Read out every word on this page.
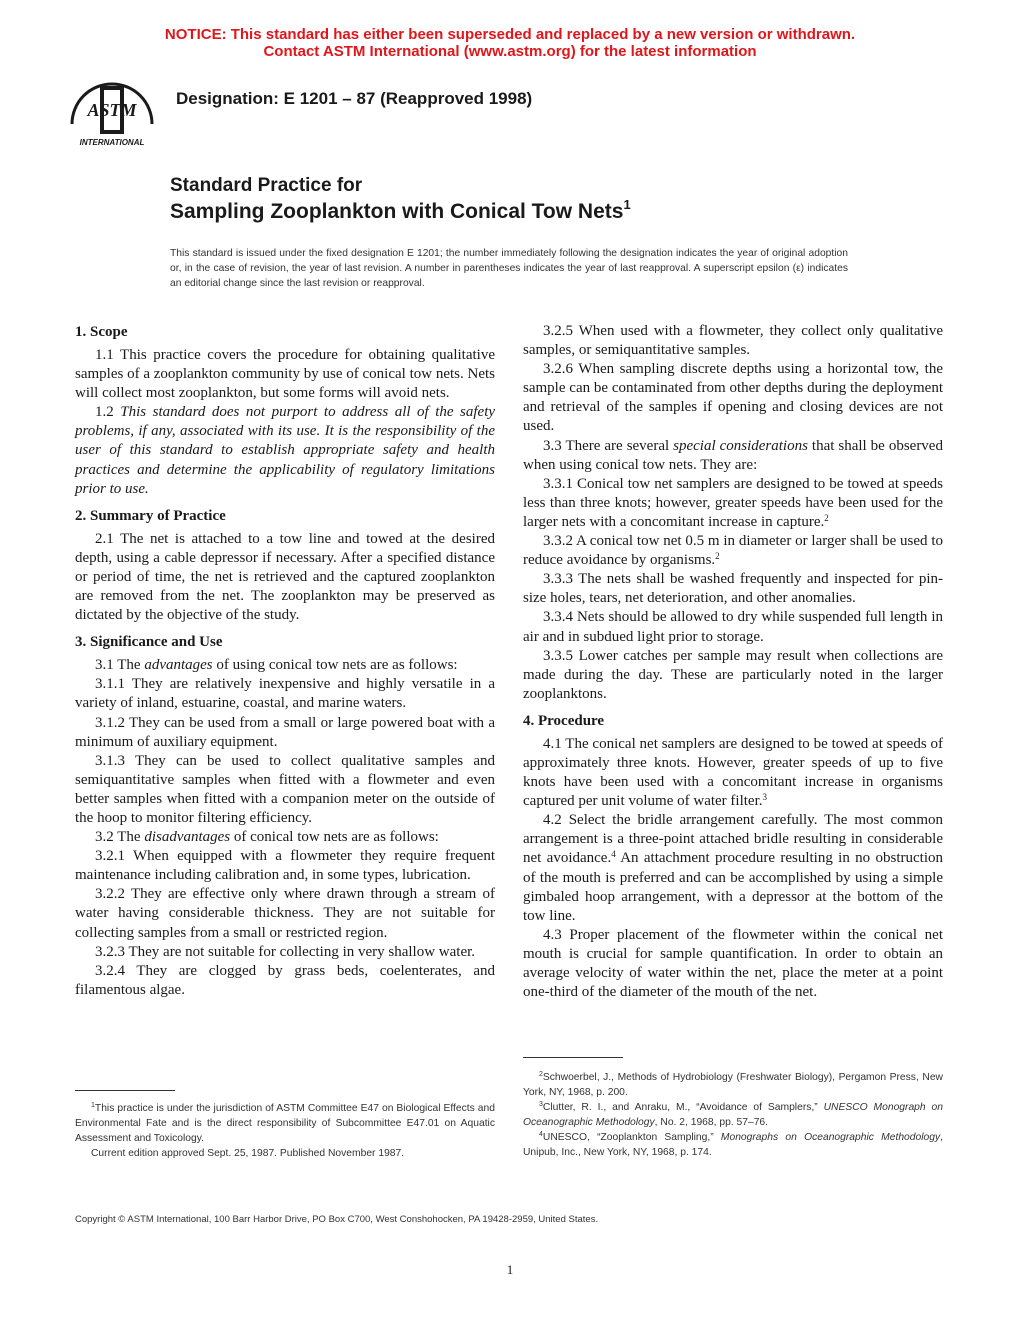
NOTICE: This standard has either been superseded and replaced by a new version or withdrawn.
Contact ASTM International (www.astm.org) for the latest information
ASTM
INTERNATIONAL
Designation: E 1201 – 87 (Reapproved 1998)
Standard Practice for
Sampling Zooplankton with Conical Tow Nets$^1$
This standard is issued under the fixed designation E 1201; the number immediately following the designation indicates the year of original adoption or, in the case of revision, the year of last revision. A number in parentheses indicates the year of last reapproval. A superscript epsilon (ε) indicates an editorial change since the last revision or reapproval.
1. Scope

1.1 This practice covers the procedure for obtaining qualitative samples of a zooplankton community by use of conical tow nets. Nets will collect most zooplankton, but some forms will avoid nets.

1.2 This standard does not purport to address all of the safety problems, if any, associated with its use. It is the responsibility of the user of this standard to establish appropriate safety and health practices and determine the applicability of regulatory limitations prior to use.

2. Summary of Practice

2.1 The net is attached to a tow line and towed at the desired depth, using a cable depressor if necessary. After a specified distance or period of time, the net is retrieved and the captured zooplankton are removed from the net. The zooplankton may be preserved as dictated by the objective of the study.

3. Significance and Use

3.1 The advantages of using conical tow nets are as follows:

3.1.1 They are relatively inexpensive and highly versatile in a variety of inland, estuarine, coastal, and marine waters.

3.1.2 They can be used from a small or large powered boat with a minimum of auxiliary equipment.

3.1.3 They can be used to collect qualitative samples and semiquantitative samples when fitted with a flowmeter and even better samples when fitted with a companion meter on the outside of the hoop to monitor filtering efficiency.

3.2 The disadvantages of conical tow nets are as follows:

3.2.1 When equipped with a flowmeter they require frequent maintenance including calibration and, in some types, lubrication.

3.2.2 They are effective only where drawn through a stream of water having considerable thickness. They are not suitable for collecting samples from a small or restricted region.

3.2.3 They are not suitable for collecting in very shallow water.

3.2.4 They are clogged by grass beds, coelenterates, and filamentous algae.

3.2.5 When used with a flowmeter, they collect only qualitative samples, or semiquantitative samples.

3.2.6 When sampling discrete depths using a horizontal tow, the sample can be contaminated from other depths during the deployment and retrieval of the samples if opening and closing devices are not used.

3.3 There are several special considerations that shall be observed when using conical tow nets. They are:

3.3.1 Conical tow net samplers are designed to be towed at speeds less than three knots; however, greater speeds have been used for the larger nets with a concomitant increase in capture.$^2$

3.3.2 A conical tow net 0.5 m in diameter or larger shall be used to reduce avoidance by organisms.$^2$

3.3.3 The nets shall be washed frequently and inspected for pin-size holes, tears, net deterioration, and other anomalies.

3.3.4 Nets should be allowed to dry while suspended full length in air and in subdued light prior to storage.

3.3.5 Lower catches per sample may result when collections are made during the day. These are particularly noted in the larger zooplanktons.

4. Procedure

4.1 The conical net samplers are designed to be towed at speeds of approximately three knots. However, greater speeds of up to five knots have been used with a concomitant increase in organisms captured per unit volume of water filter.$^3$

4.2 Select the bridle arrangement carefully. The most common arrangement is a three-point attached bridle resulting in considerable net avoidance.$^4$ An attachment procedure resulting in no obstruction of the mouth is preferred and can be accomplished by using a simple gimbaled hoop arrangement, with a depressor at the bottom of the tow line.

4.3 Proper placement of the flowmeter within the conical net mouth is crucial for sample quantification. In order to obtain an average velocity of water within the net, place the meter at a point one-third of the diameter of the mouth of the net.

$^1$This practice is under the jurisdiction of ASTM Committee E47 on Biological Effects and Environmental Fate and is the direct responsibility of Subcommittee E47.01 on Aquatic Assessment and Toxicology.

Current edition approved Sept. 25, 1987. Published November 1987.

$^2$Schwoerbel, J., Methods of Hydrobiology (Freshwater Biology), Pergamon Press, New York, NY, 1968, p. 200.

$^3$Clutter, R. I., and Anraku, M., “Avoidance of Samplers,” UNESCO Monograph on Oceanographic Methodology, No. 2, 1968, pp. 57–76.

$^4$UNESCO, “Zooplankton Sampling,” Monographs on Oceanographic Methodology, Unipub, Inc., New York, NY, 1968, p. 174.

Copyright © ASTM International, 100 Barr Harbor Drive, PO Box C700, West Conshohocken, PA 19428-2959, United States.
1
